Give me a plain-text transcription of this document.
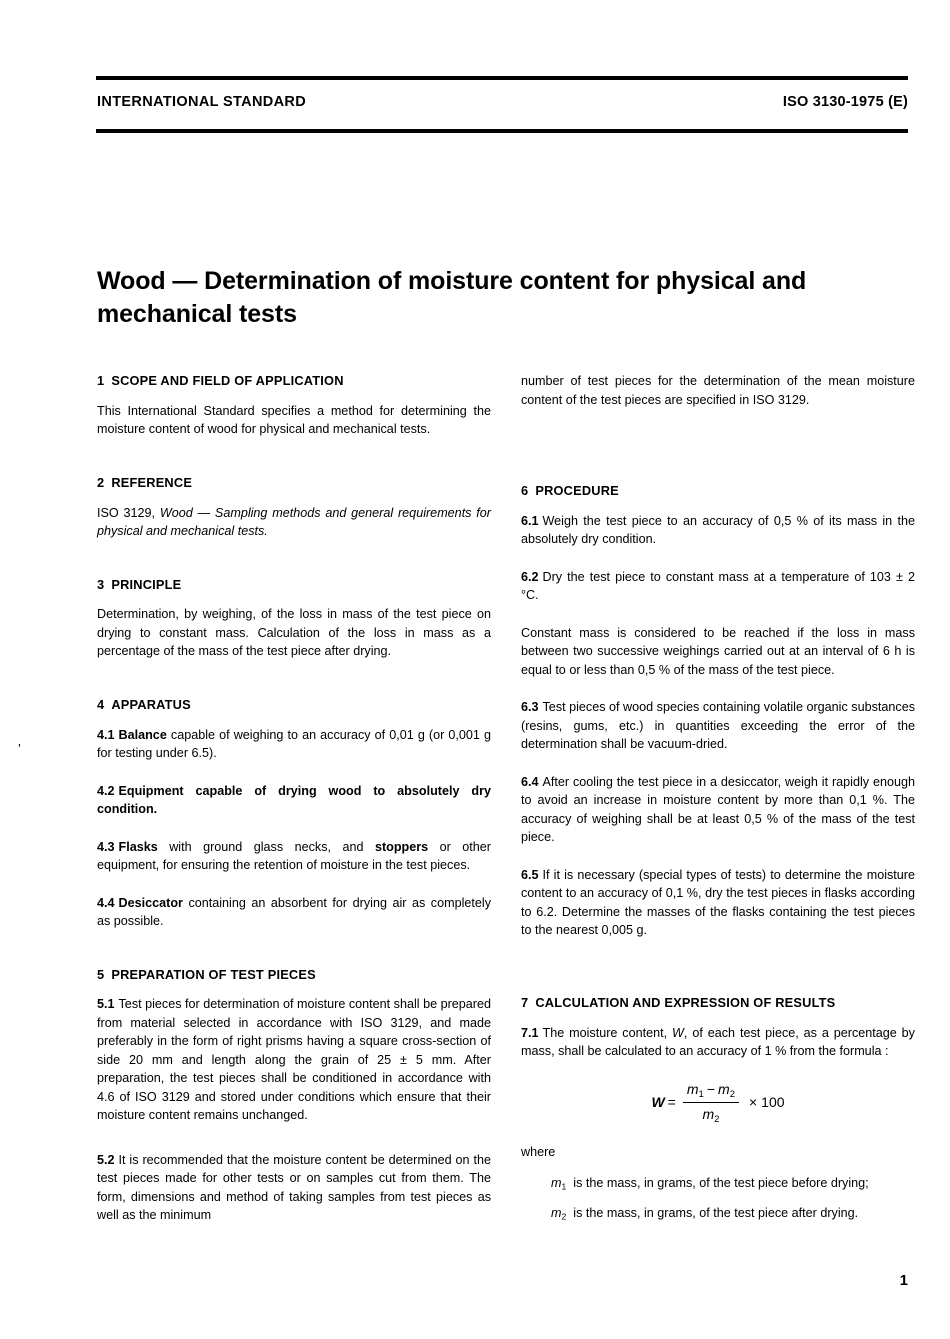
INTERNATIONAL STANDARD	ISO 3130-1975 (E)
Wood — Determination of moisture content for physical and mechanical tests
’
1 SCOPE AND FIELD OF APPLICATION

This International Standard specifies a method for determining the moisture content of wood for physical and mechanical tests.

2 REFERENCE

ISO 3129, Wood — Sampling methods and general requirements for physical and mechanical tests.

3 PRINCIPLE

Determination, by weighing, of the loss in mass of the test piece on drying to constant mass. Calculation of the loss in mass as a percentage of the mass of the test piece after drying.

4 APPARATUS

4.1 Balance capable of weighing to an accuracy of 0,01 g (or 0,001 g for testing under 6.5).

4.2 Equipment capable of drying wood to absolutely dry condition.

4.3 Flasks with ground glass necks, and stoppers or other equipment, for ensuring the retention of moisture in the test pieces.

4.4 Desiccator containing an absorbent for drying air as completely as possible.

5 PREPARATION OF TEST PIECES

5.1 Test pieces for determination of moisture content shall be prepared from material selected in accordance with ISO 3129, and made preferably in the form of right prisms having a square cross-section of side 20 mm and length along the grain of 25 ± 5 mm. After preparation, the test pieces shall be conditioned in accordance with 4.6 of ISO 3129 and stored under conditions which ensure that their moisture content remains unchanged.

5.2 It is recommended that the moisture content be determined on the test pieces made for other tests or on samples cut from them. The form, dimensions and method of taking samples from test pieces as well as the minimum

number of test pieces for the determination of the mean moisture content of the test pieces are specified in ISO 3129.

6 PROCEDURE

6.1 Weigh the test piece to an accuracy of 0,5 % of its mass in the absolutely dry condition.

6.2 Dry the test piece to constant mass at a temperature of 103 ± 2 °C.

Constant mass is considered to be reached if the loss in mass between two successive weighings carried out at an interval of 6 h is equal to or less than 0,5 % of the mass of the test piece.

6.3 Test pieces of wood species containing volatile organic substances (resins, gums, etc.) in quantities exceeding the error of the determination shall be vacuum-dried.

6.4 After cooling the test piece in a desiccator, weigh it rapidly enough to avoid an increase in moisture content by more than 0,1 %. The accuracy of weighing shall be at least 0,5 % of the mass of the test piece.

6.5 If it is necessary (special types of tests) to determine the moisture content to an accuracy of 0,1 %, dry the test pieces in flasks according to 6.2. Determine the masses of the flasks containing the test pieces to the nearest 0,005 g.

7 CALCULATION AND EXPRESSION OF RESULTS

7.1 The moisture content, W, of each test piece, as a percentage by mass, shall be calculated to an accuracy of 1 % from the formula :

$W = \frac{m_1 - m_2}{m_2} \times 100$

where

$m_1$ is the mass, in grams, of the test piece before drying;

$m_2$ is the mass, in grams, of the test piece after drying.

1
